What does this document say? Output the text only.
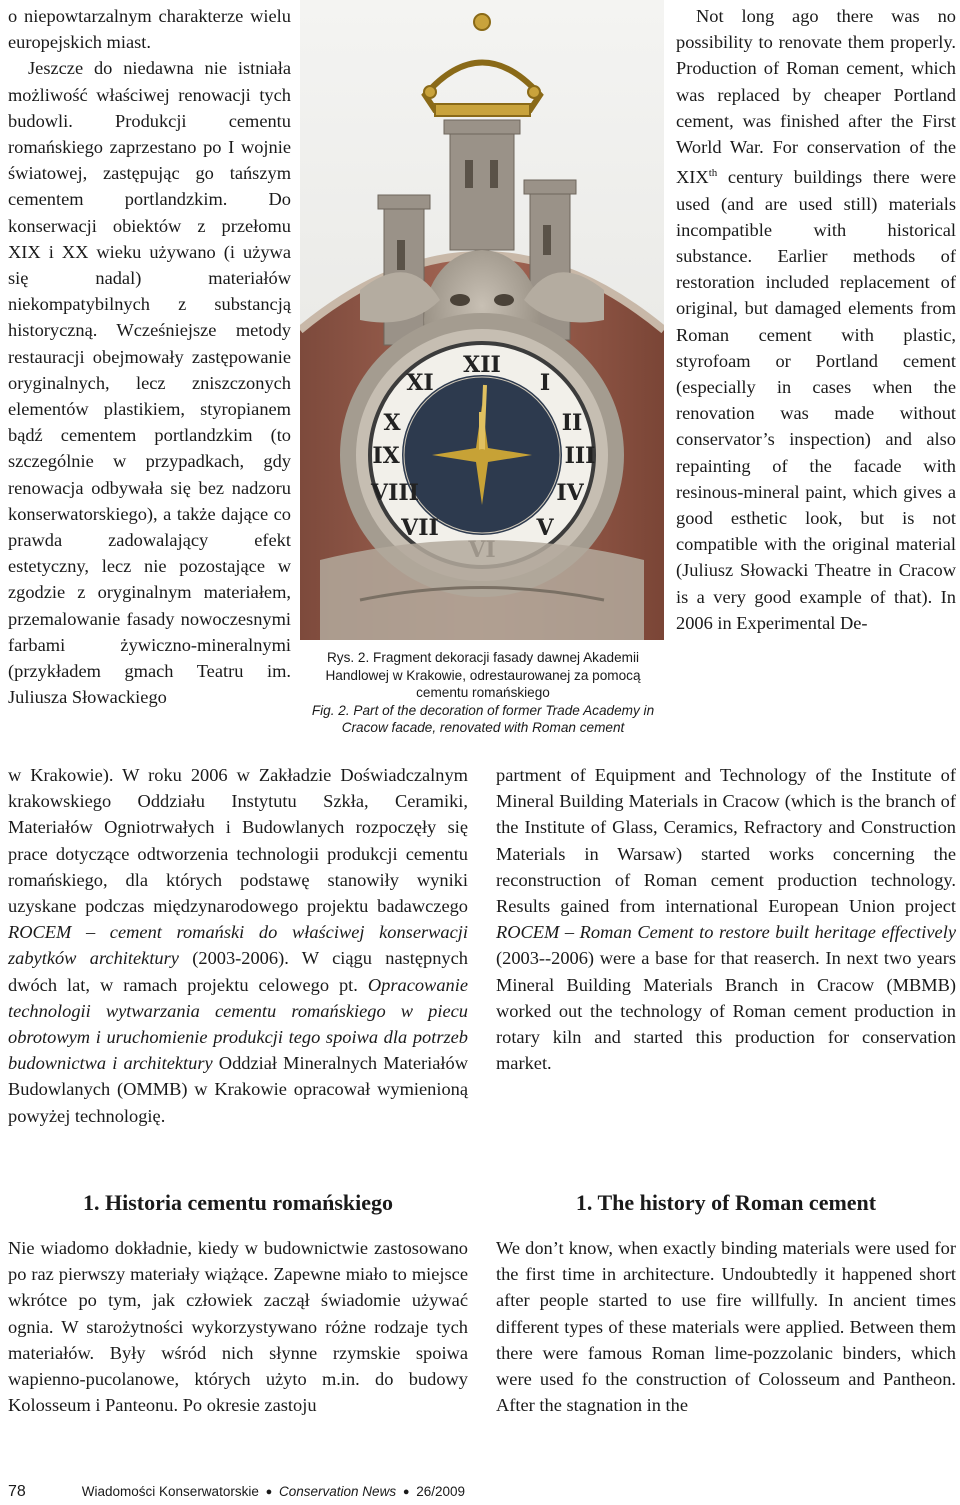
o niepowtarzalnym charakterze wielu europejskich miast.

Jeszcze do niedawna nie istniała możliwość właściwej renowacji tych budowli. Produkcji cementu romańskiego zaprzestano po I wojnie światowej, zastępując go tańszym cementem portlandzkim. Do konserwacji obiektów z przełomu XIX i XX wieku używano (i używa się nadal) materiałów niekompatybilnych z substancją historyczną. Wcześniejsze metody restauracji obejmowały zastępowanie oryginalnych, lecz zniszczonych elementów plastikiem, styropianem bądź cementem portlandzkim (to szczególnie w przypadkach, gdy renowacja odbywała się bez nadzoru konserwatorskiego), a także dające co prawda zadowalający efekt estetyczny, lecz nie pozostające w zgodzie z oryginalnym materiałem, przemalowanie fasady nowoczesnymi farbami żywiczno-mineralnymi (przykładem gmach Teatru im. Juliusza Słowackiego

XII
I
II
III
IV
V
VII
VIII
IX
X
XI
Rys. 2. Fragment dekoracji fasady dawnej Akademii Handlowej w Krakowie, odrestaurowanej za pomocą cementu romańskiego
Fig. 2. Part of the decoration of former Trade Academy in Cracow facade, renovated with Roman cement

Not long ago there was no possibility to renovate them properly. Production of Roman cement, which was replaced by cheaper Portland cement, was finished after the First World War. For conservation of the XIXth century buildings there were used (and are used still) materials incompatible with historical substance. Earlier methods of restoration included replacement of original, but damaged elements from Roman cement with plastic, styrofoam or Portland cement (especially in cases when the renovation was made without conservator’s inspection) and also repainting of the facade with resinous-mineral paint, which gives a good esthetic look, but is not compatible with the original material (Juliusz Słowacki Theatre in Cracow is a very good example of that). In 2006 in Experimental De-

w Krakowie). W roku 2006 w Zakładzie Doświadczalnym krakowskiego Oddziału Instytutu Szkła, Ceramiki, Materiałów Ogniotrwałych i Budowlanych rozpoczęły się prace dotyczące odtworzenia technologii produkcji cementu romańskiego, dla których podstawę stanowiły wyniki uzyskane podczas międzynarodowego projektu badawczego ROCEM – cement romański do właściwej konserwacji zabytków architektury (2003-2006). W ciągu następnych dwóch lat, w ramach projektu celowego pt. Opracowanie technologii wytwarzania cementu romańskiego w piecu obrotowym i uruchomienie produkcji tego spoiwa dla potrzeb budownictwa i architektury Oddział Mineralnych Materiałów Budowlanych (OMMB) w Krakowie opracował wymienioną powyżej technologię.

partment of Equipment and Technology of the Institute of Mineral Building Materials in Cracow (which is the branch of the Institute of Glass, Ceramics, Refractory and Construction Materials in Warsaw) started works concerning the reconstruction of Roman cement production technology. Results gained from international European Union project ROCEM – Roman Cement to restore built heritage effectively (2003--2006) were a base for that reaserch. In next two years Mineral Building Materials Branch in Cracow (MBMB) worked out the technology of Roman cement production in rotary kiln and started this production for conservation market.

1. Historia cementu romańskiego	1. The history of Roman cement
Nie wiadomo dokładnie, kiedy w budownictwie zastosowano po raz pierwszy materiały wiążące. Zapewne miało to miejsce wkrótce po tym, jak człowiek zaczął świadomie używać ognia. W starożytności wykorzystywano różne rodzaje tych materiałów. Były wśród nich słynne rzymskie spoiwa wapienno-pucolanowe, których użyto m.in. do budowy Kolosseum i Panteonu. Po okresie zastoju
We don’t know, when exactly binding materials were used for the first time in architecture. Undoubtedly it happened short after people started to use fire willfully. In ancient times different types of these materials were applied. Between them there were famous Roman lime-pozzolanic binders, which were used fo the construction of Colosseum and Pantheon. After the stagnation in the
78	Wiadomości Konserwatorskie ● Conservation News ● 26/2009
